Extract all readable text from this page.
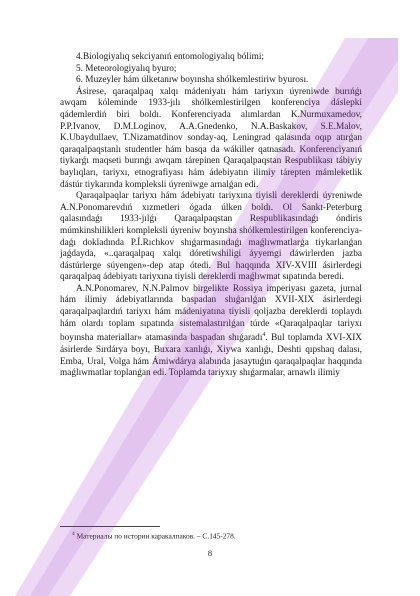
4.Biologiyalıq sekciyanıń entomologiyalıq bólimi;
5. Meteorologiyalıq byuro;
6. Muzeyler hám úlketanıw boyınsha shólkemlestiriw byurosı.

Ásirese, qaraqalpaq xalqı mádeniyatı hám tariyxın úyreniwde burıńǵı awqam kóleminde 1933-jılı shólkemlestirilgen konferenciya dáslepki qádemlerdiń biri boldı. Konferenciyada alımlardan K.Nurmuxamedov, P.P.Ivanov, D.M.Loginov, A.A.Gnedenko, N.A.Baskakov, S.E.Malov, K.Ubaydullaev, T.Nizamatdinov sonday-aq, Leningrad qalasında oqıp atırǵan qaraqalpaqstanlı studentler hám basqa da wákiller qatnasadı. Konferenciyanıń tiykarǵı maqseti burınǵı awqam tárepinen Qaraqalpaqstan Respublikası tábiyiy baylıqları, tariyxı, etnografiyası hám ádebiyatın ilimiy tárepten mámleketlik dástúr tiykarında kompleksli úyreniwge arnalǵan edi.

Qaraqalpaqlar tariyxı hám ádebiyatı tariyxına tiyisli dereklerdi úyreniwde A.N.Ponomarevdıń xızmetleri ógada úlken boldı. Ol Sankt-Peterburg qalasındaǵı 1933-jılǵı Qaraqalpaqstan Respublikasındaǵı óndiris múmkinshilikleri kompleksli úyreniw boyınsha shólkemlestirilgen konferenciya- daǵı dokladında P.Í.Rıchkov shıǵarmasındaǵı maǵlıwmatlarǵa tiykarlanǵan jaǵdayda, «..qaraqalpaq xalqı dóretiwshiligi áyyemgi dáwirlerden jazba dástúrlerge súyengen»-dep atap ótedi. Bul haqqında XIV-XVIII ásirlerdegi qaraqalpaq ádebiyatı tariyxına tiyisli dereklerdi maǵlıwmat sıpatında beredi.

A.N.Ponomarev, N.N.Palmov birgelikte Rossiya imperiyası gazeta, jurnal hám ilimiy ádebiyatlarında baspadan shıǵarılǵan XVII-XIX ásirlerdegi qaraqalpaqlardıń tariyxı hám mádeniyatına tiyisli qoljazba dereklerdi toplaydı hám olardı toplam sıpatında sistemalastırılǵan túrde «Qaraqalpaqlar tariyxı boyınsha materiallar» atamasında baspadan shıǵaradı$^4$. Bul toplamda XVI-XIX ásirlerde Sırdárya boyı, Buxara xanlıǵı, Xiywa xanlıǵı, Deshti qıpshaq dalası, Emba, Ural, Volga hám Ámiwdárya alabında jasaytuǵın qaraqalpaqlar haqqında maǵlıwmatlar toplanǵan edi. Toplamda tariyxıy shıǵarmalar, arnawlı ilimiy

$^4$ Материалы по истории каракалпаков. – С.145-278.
8
